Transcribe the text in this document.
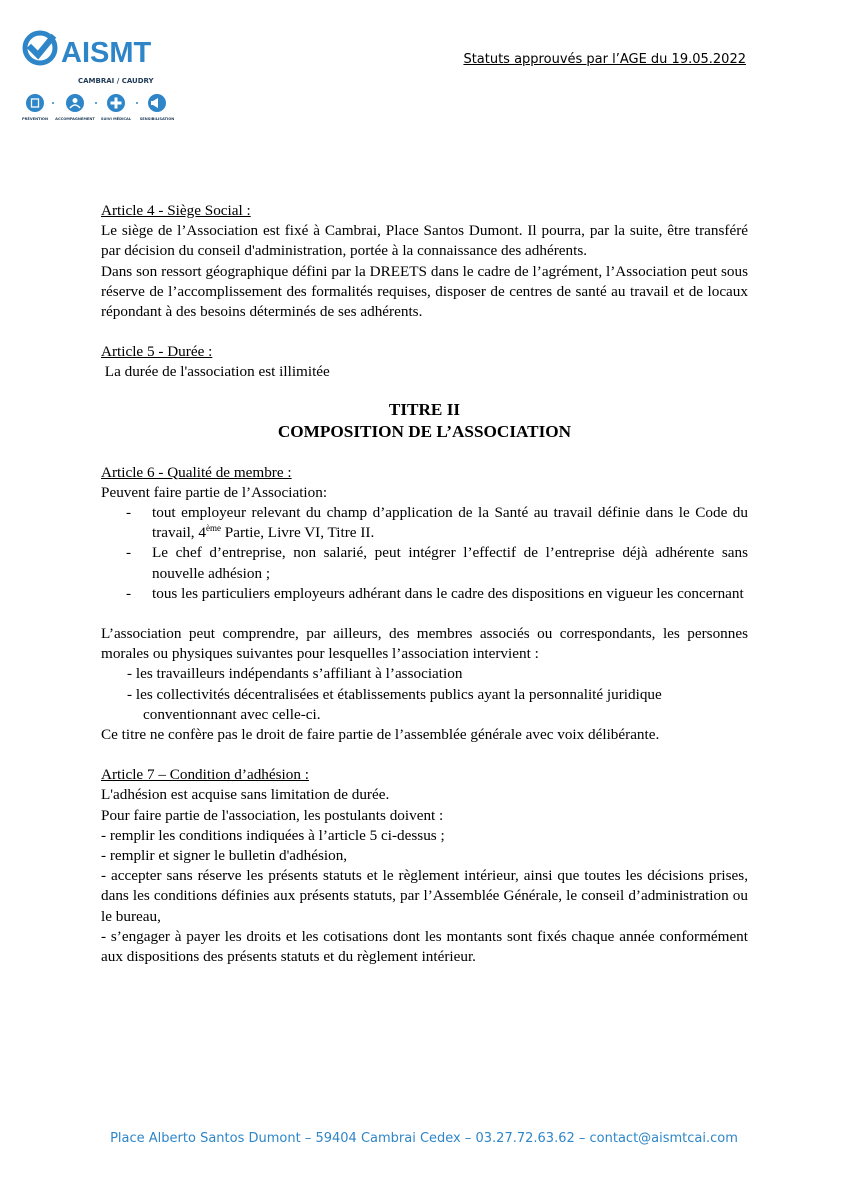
AISMT
CAMBRAI / CAUDRY
PRÉVENTION ACCOMPAGNEMENT SUIVI MÉDICAL SENSIBILISATION
Statuts approuvés par l’AGE du 19.05.2022

Article 4 - Siège Social :

Le siège de l’Association est fixé à Cambrai, Place Santos Dumont. Il pourra, par la suite, être transféré par décision du conseil d'administration, portée à la connaissance des adhérents.

Dans son ressort géographique défini par la DREETS dans le cadre de l’agrément, l’Association peut sous réserve de l’accomplissement des formalités requises, disposer de centres de santé au travail et de locaux répondant à des besoins déterminés de ses adhérents.

Article 5 - Durée :

La durée de l'association est illimitée

TITRE II

COMPOSITION DE L’ASSOCIATION

Article 6 - Qualité de membre :

Peuvent faire partie de l’Association:

- tout employeur relevant du champ d’application de la Santé au travail définie dans le Code du travail, 4ème Partie, Livre VI, Titre II.

- Le chef d’entreprise, non salarié, peut intégrer l’effectif de l’entreprise déjà adhérente sans nouvelle adhésion ;

- tous les particuliers employeurs adhérant dans le cadre des dispositions en vigueur les concernant

L’association peut comprendre, par ailleurs, des membres associés ou correspondants, les personnes morales ou physiques suivantes pour lesquelles l’association intervient :

- les travailleurs indépendants s’affiliant à l’association

- les collectivités décentralisées et établissements publics ayant la personnalité juridique

conventionnant avec celle-ci.

Ce titre ne confère pas le droit de faire partie de l’assemblée générale avec voix délibérante.

Article 7 – Condition d’adhésion :

L'adhésion est acquise sans limitation de durée.

Pour faire partie de l'association, les postulants doivent :

- remplir les conditions indiquées à l’article 5 ci-dessus ;

- remplir et signer le bulletin d'adhésion,

- accepter sans réserve les présents statuts et le règlement intérieur, ainsi que toutes les décisions prises, dans les conditions définies aux présents statuts, par l’Assemblée Générale, le conseil d’administration ou le bureau,

- s’engager à payer les droits et les cotisations dont les montants sont fixés chaque année conformément aux dispositions des présents statuts et du règlement intérieur.

Place Alberto Santos Dumont – 59404 Cambrai Cedex – 03.27.72.63.62 – contact@aismtcai.com
